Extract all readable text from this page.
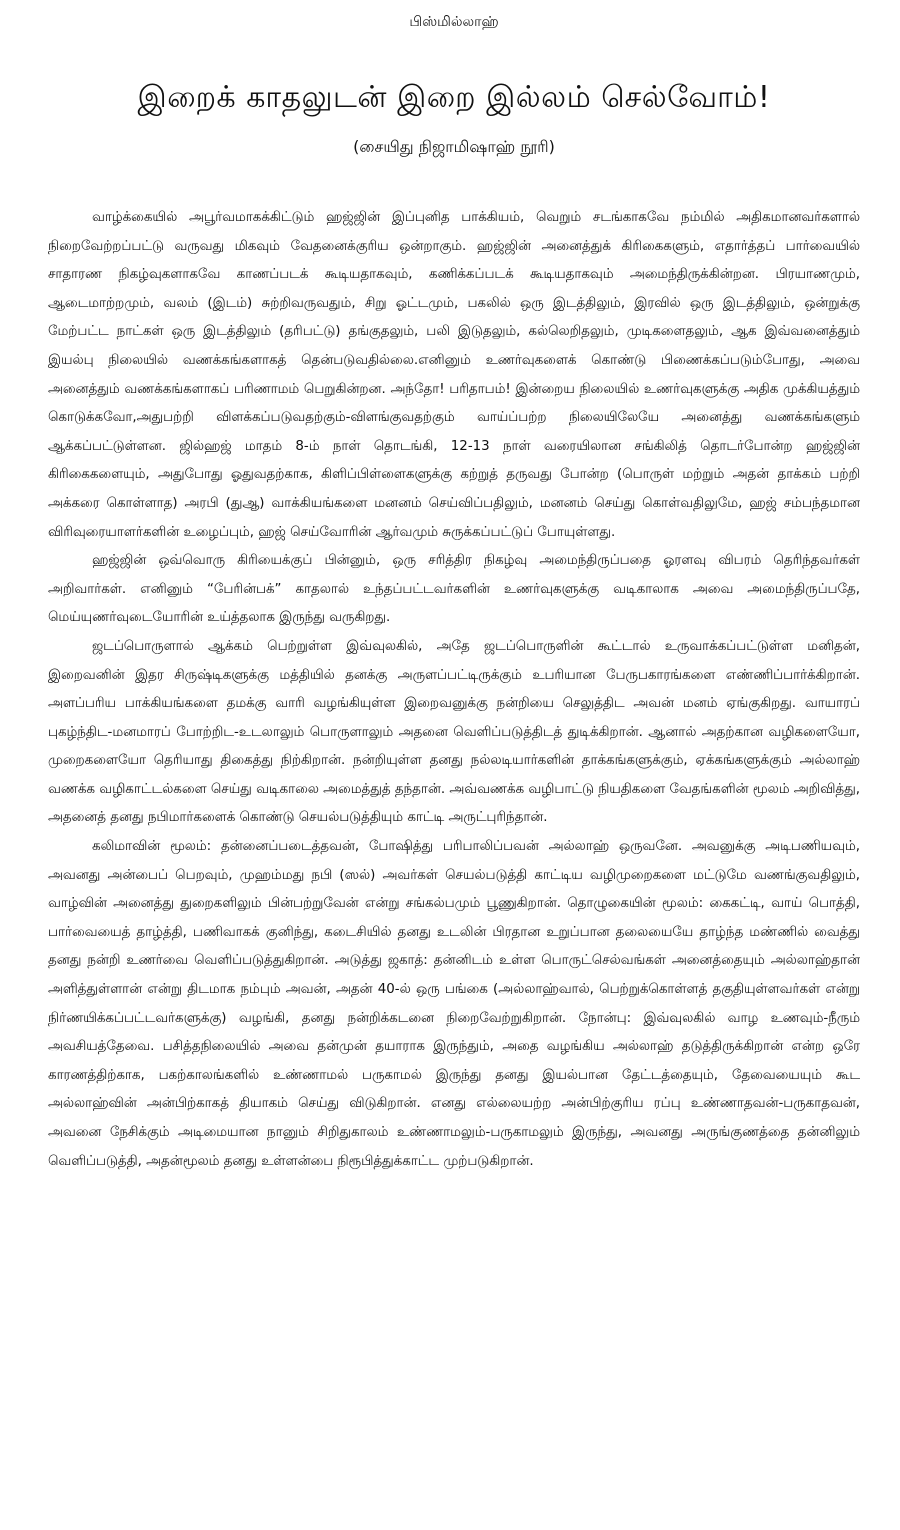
பிஸ்மில்லாஹ்
இறைக் காதலுடன் இறை இல்லம் செல்வோம்!
(சையிது நிஜாமிஷாஹ் நூரி)

வாழ்க்கையில் அபூர்வமாகக்கிட்டும் ஹஜ்ஜின் இப்புனித பாக்கியம், வெறும் சடங்காகவே நம்மில் அதிகமானவர்களால் நிறைவேற்றப்பட்டு வருவது மிகவும் வேதனைக்குரிய ஒன்றாகும். ஹஜ்ஜின் அனைத்துக் கிரிகைகளும், எதார்த்தப் பார்வையில் சாதாரண நிகழ்வுகளாகவே காணப்படக் கூடியதாகவும், கணிக்கப்படக் கூடியதாகவும் அமைந்திருக்கின்றன. பிரயாணமும், ஆடைமாற்றமும், வலம் (இடம்) சுற்றிவருவதும், சிறு ஓட்டமும், பகலில் ஒரு இடத்திலும், இரவில் ஒரு இடத்திலும், ஒன்றுக்கு மேற்பட்ட நாட்கள் ஒரு இடத்திலும் (தரிபட்டு) தங்குதலும், பலி இடுதலும், கல்லெறிதலும், முடிகளைதலும், ஆக இவ்வனைத்தும் இயல்பு நிலையில் வணக்கங்களாகத் தென்படுவதில்லை.எனினும் உணர்வுகளைக் கொண்டு பிணைக்கப்படும்போது, அவை அனைத்தும் வணக்கங்களாகப் பரிணாமம் பெறுகின்றன. அந்தோ! பரிதாபம்! இன்றைய நிலையில் உணர்வுகளுக்கு அதிக முக்கியத்தும் கொடுக்கவோ,அதுபற்றி விளக்கப்படுவதற்கும்-விளங்குவதற்கும் வாய்ப்பற்ற நிலையிலேயே அனைத்து வணக்கங்களும் ஆக்கப்பட்டுள்ளன. ஜில்ஹஜ் மாதம் 8-ம் நாள் தொடங்கி, 12-13 நாள் வரையிலான சங்கிலித் தொடர்போன்ற ஹஜ்ஜின் கிரிகைகளையும், அதுபோது ஓதுவதற்காக, கிளிப்பிள்ளைகளுக்கு கற்றுத் தருவது போன்ற (பொருள் மற்றும் அதன் தாக்கம் பற்றி அக்கரை கொள்ளாத) அரபி (துஆ) வாக்கியங்களை மனனம் செய்விப்பதிலும், மனனம் செய்து கொள்வதிலுமே, ஹஜ் சம்பந்தமான விரிவுரையாளர்களின் உழைப்பும், ஹஜ் செய்வோரின் ஆர்வமும் சுருக்கப்பட்டுப் போயுள்ளது.

ஹஜ்ஜின் ஒவ்வொரு கிரியைக்குப் பின்னும், ஒரு சரித்திர நிகழ்வு அமைந்திருப்பதை ஓரளவு விபரம் தெரிந்தவர்கள் அறிவார்கள். எனினும் “பேரின்பக்” காதலால் உந்தப்பட்டவர்களின் உணர்வுகளுக்கு வடிகாலாக அவை அமைந்திருப்பதே, மெய்யுணர்வுடையோரின் உய்த்தலாக இருந்து வருகிறது.

ஜடப்பொருளால் ஆக்கம் பெற்றுள்ள இவ்வுலகில், அதே ஜடப்பொருளின் கூட்டால் உருவாக்கப்பட்டுள்ள மனிதன், இறைவனின் இதர சிருஷ்டிகளுக்கு மத்தியில் தனக்கு அருளப்பட்டிருக்கும் உபரியான பேருபகாரங்களை எண்ணிப்பார்க்கிறான். அளப்பரிய பாக்கியங்களை தமக்கு வாரி வழங்கியுள்ள இறைவனுக்கு நன்றியை செலுத்திட அவன் மனம் ஏங்குகிறது. வாயாரப் புகழ்ந்திட-மனமாரப் போற்றிட-உடலாலும் பொருளாலும் அதனை வெளிப்படுத்திடத் துடிக்கிறான். ஆனால் அதற்கான வழிகளையோ, முறைகளையோ தெரியாது திகைத்து நிற்கிறான். நன்றியுள்ள தனது நல்லடியார்களின் தாக்கங்களுக்கும், ஏக்கங்களுக்கும் அல்லாஹ் வணக்க வழிகாட்டல்களை செய்து வடிகாலை அமைத்துத் தந்தான். அவ்வணக்க வழிபாட்டு நியதிகளை வேதங்களின் மூலம் அறிவித்து, அதனைத் தனது நபிமார்களைக் கொண்டு செயல்படுத்தியும் காட்டி அருட்புரிந்தான்.

கலிமாவின் மூலம்: தன்னைப்படைத்தவன், போஷித்து பரிபாலிப்பவன் அல்லாஹ் ஒருவனே. அவனுக்கு அடிபணியவும், அவனது அன்பைப் பெறவும், முஹம்மது நபி (ஸல்) அவர்கள் செயல்படுத்தி காட்டிய வழிமுறைகளை மட்டுமே வணங்குவதிலும், வாழ்வின் அனைத்து துறைகளிலும் பின்பற்றுவேன் என்று சங்கல்பமும் பூணுகிறான். தொழுகையின் மூலம்: கைகட்டி, வாய் பொத்தி, பார்வையைத் தாழ்த்தி, பணிவாகக் குனிந்து, கடைசியில் தனது உடலின் பிரதான உறுப்பான தலையையே தாழ்ந்த மண்ணில் வைத்து தனது நன்றி உணர்வை வெளிப்படுத்துகிறான். அடுத்து ஜகாத்: தன்னிடம் உள்ள பொருட்செல்வங்கள் அனைத்தையும் அல்லாஹ்தான் அளித்துள்ளான் என்று திடமாக நம்பும் அவன், அதன் 40-ல் ஒரு பங்கை (அல்லாஹ்வால், பெற்றுக்கொள்ளத் தகுதியுள்ளவர்கள் என்று நிர்ணயிக்கப்பட்டவர்களுக்கு) வழங்கி, தனது நன்றிக்கடனை நிறைவேற்றுகிறான். நோன்பு: இவ்வுலகில் வாழ உணவும்-நீரும் அவசியத்தேவை. பசித்தநிலையில் அவை தன்முன் தயாராக இருந்தும், அதை வழங்கிய அல்லாஹ் தடுத்திருக்கிறான் என்ற ஒரே காரணத்திற்காக, பகற்காலங்களில் உண்ணாமல் பருகாமல் இருந்து தனது இயல்பான தேட்டத்தையும், தேவையையும் கூட அல்லாஹ்வின் அன்பிற்காகத் தியாகம் செய்து விடுகிறான். எனது எல்லையற்ற அன்பிற்குரிய ரப்பு உண்ணாதவன்-பருகாதவன், அவனை நேசிக்கும் அடிமையான நானும் சிறிதுகாலம் உண்ணாமலும்-பருகாமலும் இருந்து, அவனது அருங்குணத்தை தன்னிலும் வெளிப்படுத்தி, அதன்மூலம் தனது உள்ளன்பை நிரூபித்துக்காட்ட முற்படுகிறான்.
